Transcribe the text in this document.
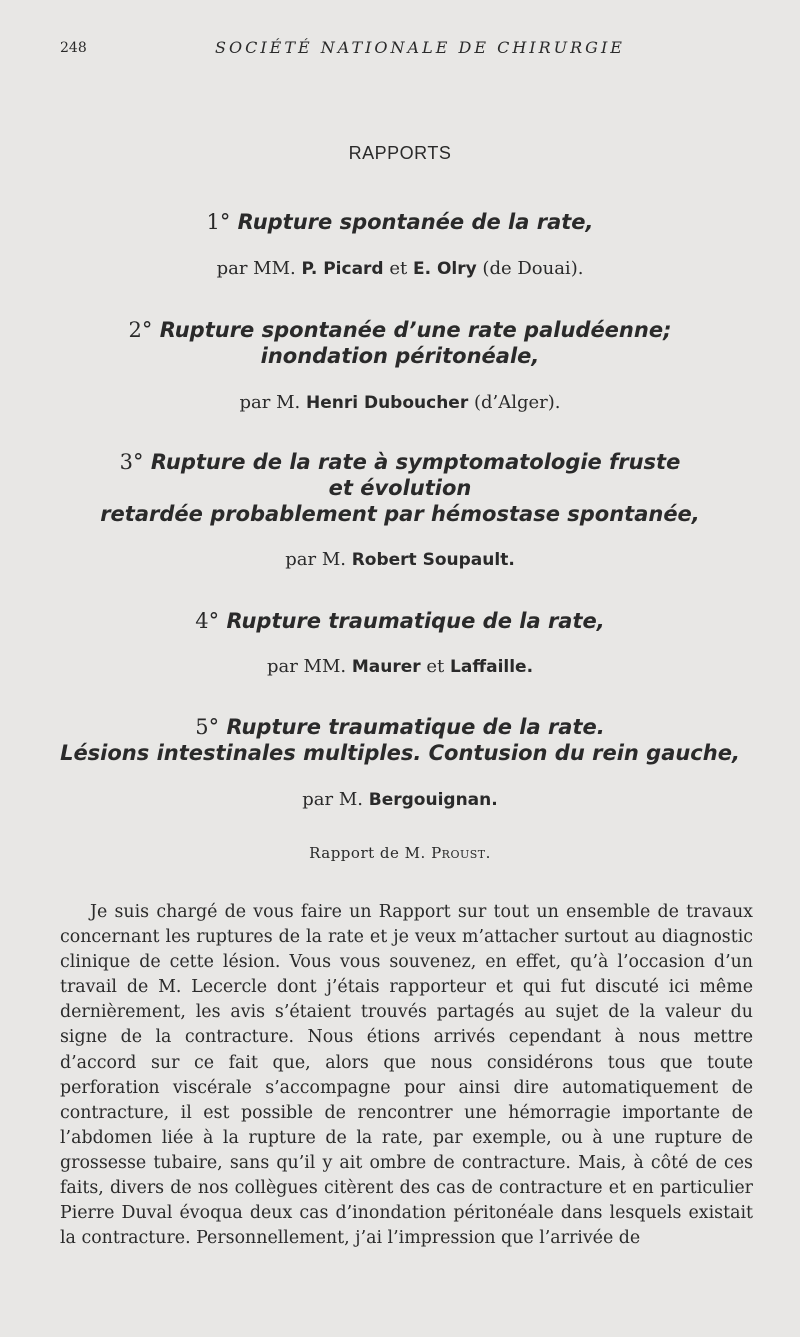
248	SOCIÉTÉ NATIONALE DE CHIRURGIE
RAPPORTS
1° Rupture spontanée de la rate,
par MM. P. Picard et E. Olry (de Douai).
2° Rupture spontanée d’une rate paludéenne;
inondation péritonéale,
par M. Henri Duboucher (d’Alger).
3° Rupture de la rate à symptomatologie fruste
et évolution
retardée probablement par hémostase spontanée,
par M. Robert Soupault.
4° Rupture traumatique de la rate,
par MM. Maurer et Laffaille.
5° Rupture traumatique de la rate.
Lésions intestinales multiples. Contusion du rein gauche,
par M. Bergouignan.
Rapport de M. Proust.

Je suis chargé de vous faire un Rapport sur tout un ensemble de travaux concernant les ruptures de la rate et je veux m’attacher surtout au diagnostic clinique de cette lésion. Vous vous souvenez, en effet, qu’à l’occasion d’un travail de M. Lecercle dont j’étais rapporteur et qui fut discuté ici même dernièrement, les avis s’étaient trouvés partagés au sujet de la valeur du signe de la contracture. Nous étions arrivés cependant à nous mettre d’accord sur ce fait que, alors que nous considérons tous que toute perforation viscérale s’accompagne pour ainsi dire automatiquement de contracture, il est possible de rencontrer une hémorragie importante de l’abdomen liée à la rupture de la rate, par exemple, ou à une rupture de grossesse tubaire, sans qu’il y ait ombre de contracture. Mais, à côté de ces faits, divers de nos collègues citèrent des cas de contracture et en particulier Pierre Duval évoqua deux cas d’inondation péritonéale dans lesquels existait la contracture. Personnellement, j’ai l’impression que l’arrivée de
